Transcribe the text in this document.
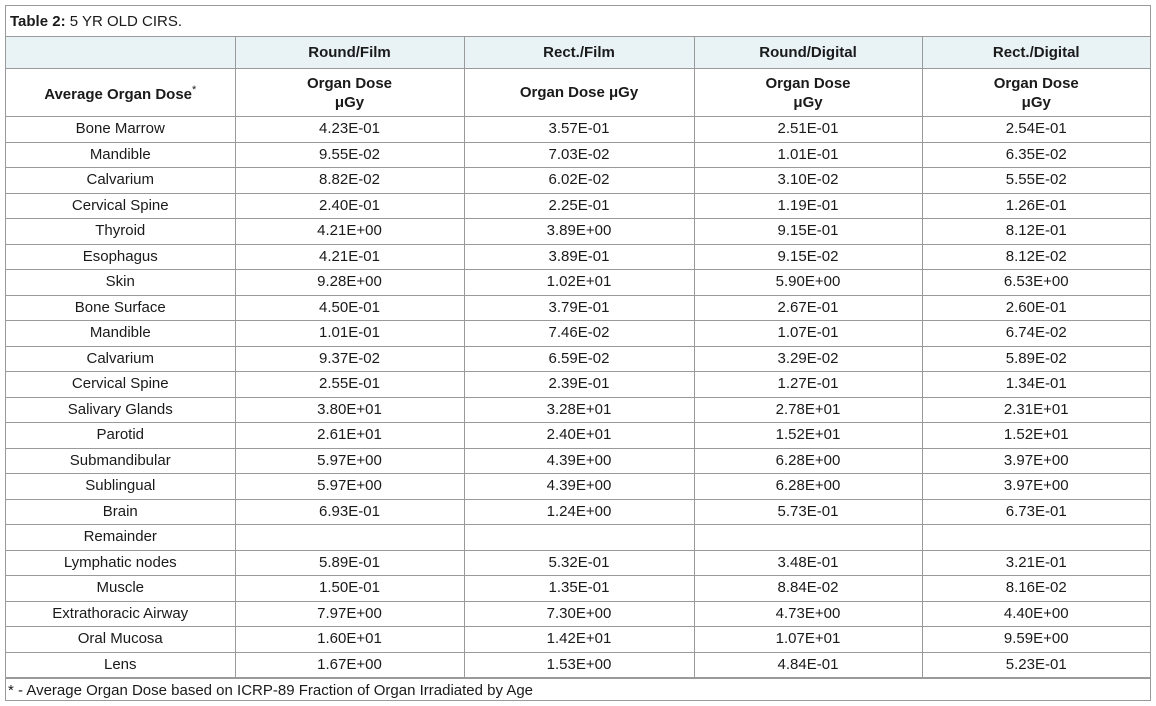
Table 2: 5 YR OLD CIRS.
	Round/Film	Rect./Film	Round/Digital	Rect./Digital
Average Organ Dose*	Organ Dose μGy	Organ Dose μGy	Organ Dose μGy	Organ Dose μGy
Bone Marrow	4.23E-01	3.57E-01	2.51E-01	2.54E-01
Mandible	9.55E-02	7.03E-02	1.01E-01	6.35E-02
Calvarium	8.82E-02	6.02E-02	3.10E-02	5.55E-02
Cervical Spine	2.40E-01	2.25E-01	1.19E-01	1.26E-01
Thyroid	4.21E+00	3.89E+00	9.15E-01	8.12E-01
Esophagus	4.21E-01	3.89E-01	9.15E-02	8.12E-02
Skin	9.28E+00	1.02E+01	5.90E+00	6.53E+00
Bone Surface	4.50E-01	3.79E-01	2.67E-01	2.60E-01
Mandible	1.01E-01	7.46E-02	1.07E-01	6.74E-02
Calvarium	9.37E-02	6.59E-02	3.29E-02	5.89E-02
Cervical Spine	2.55E-01	2.39E-01	1.27E-01	1.34E-01
Salivary Glands	3.80E+01	3.28E+01	2.78E+01	2.31E+01
Parotid	2.61E+01	2.40E+01	1.52E+01	1.52E+01
Submandibular	5.97E+00	4.39E+00	6.28E+00	3.97E+00
Sublingual	5.97E+00	4.39E+00	6.28E+00	3.97E+00
Brain	6.93E-01	1.24E+00	5.73E-01	6.73E-01
Remainder				
Lymphatic nodes	5.89E-01	5.32E-01	3.48E-01	3.21E-01
Muscle	1.50E-01	1.35E-01	8.84E-02	8.16E-02
Extrathoracic Airway	7.97E+00	7.30E+00	4.73E+00	4.40E+00
Oral Mucosa	1.60E+01	1.42E+01	1.07E+01	9.59E+00
Lens	1.67E+00	1.53E+00	4.84E-01	5.23E-01
* - Average Organ Dose based on ICRP-89 Fraction of Organ Irradiated by Age
